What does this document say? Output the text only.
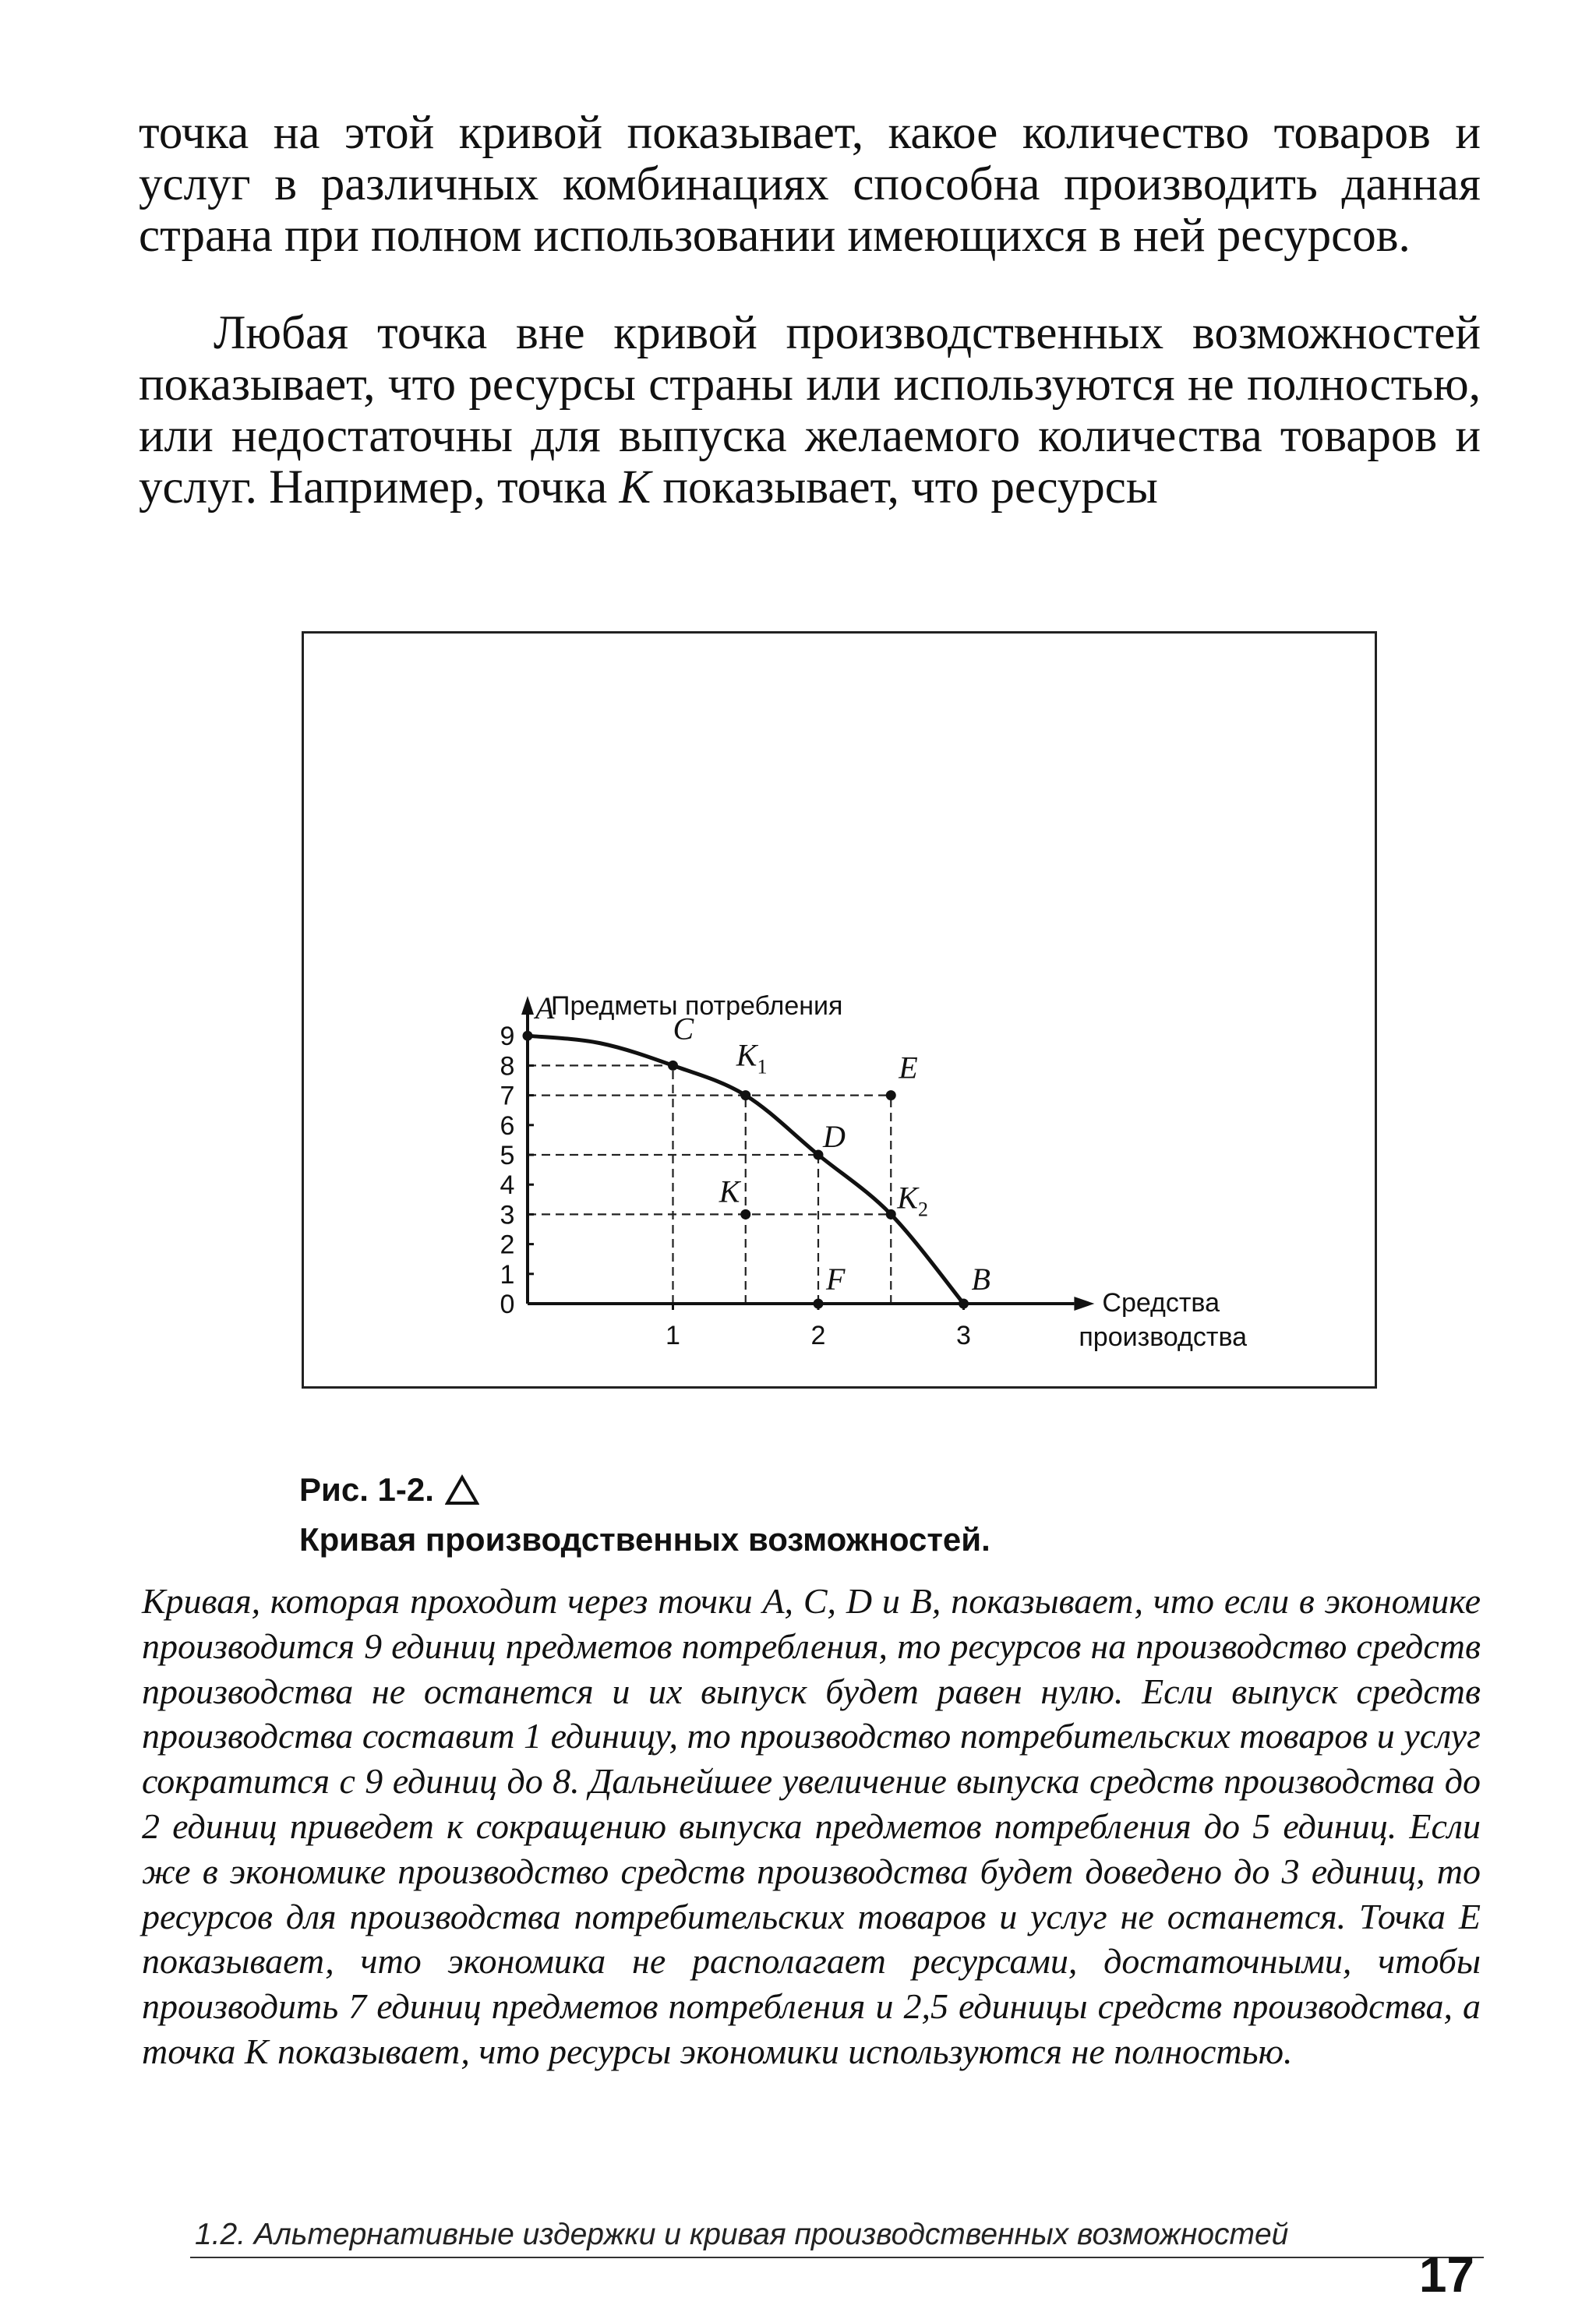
точка на этой кривой показывает, какое количество товаров и услуг в различных комбинациях способна производить данная страна при полном использовании имеющихся в ней ресурсов.

Любая точка вне кривой производственных возможностей показывает, что ресурсы страны или используются не полностью, или недостаточны для выпуска желаемого количества товаров и услуг. Например, точка K показывает, что ресурсы

0
1
2
3
4
5
6
7
8
9
1	2	3
A
C
$K_1$	E
D
K	$K_2$
F	B
Предметы потребления
Средства
производства
Рис. 1-2.
Кривая производственных возможностей.

Кривая, которая проходит через точки A, C, D и B, показывает, что если в экономике производится 9 единиц предметов потребления, то ресурсов на производство средств производства не останется и их выпуск будет равен нулю. Если выпуск средств производства составит 1 единицу, то производство потребительских товаров и услуг сократится с 9 единиц до 8. Дальнейшее увеличение выпуска средств производства до 2 единиц приведет к сокращению выпуска предметов потребления до 5 единиц. Если же в экономике производство средств производства будет доведено до 3 единиц, то ресурсов для производства потребительских товаров и услуг не останется. Точка E показывает, что экономика не располагает ресурсами, достаточными, чтобы производить 7 единиц предметов потребления и 2,5 единицы средств производства, а точка K показывает, что ресурсы экономики используются не полностью.

1.2. Альтернативные издержки и кривая производственных возможностей
17
